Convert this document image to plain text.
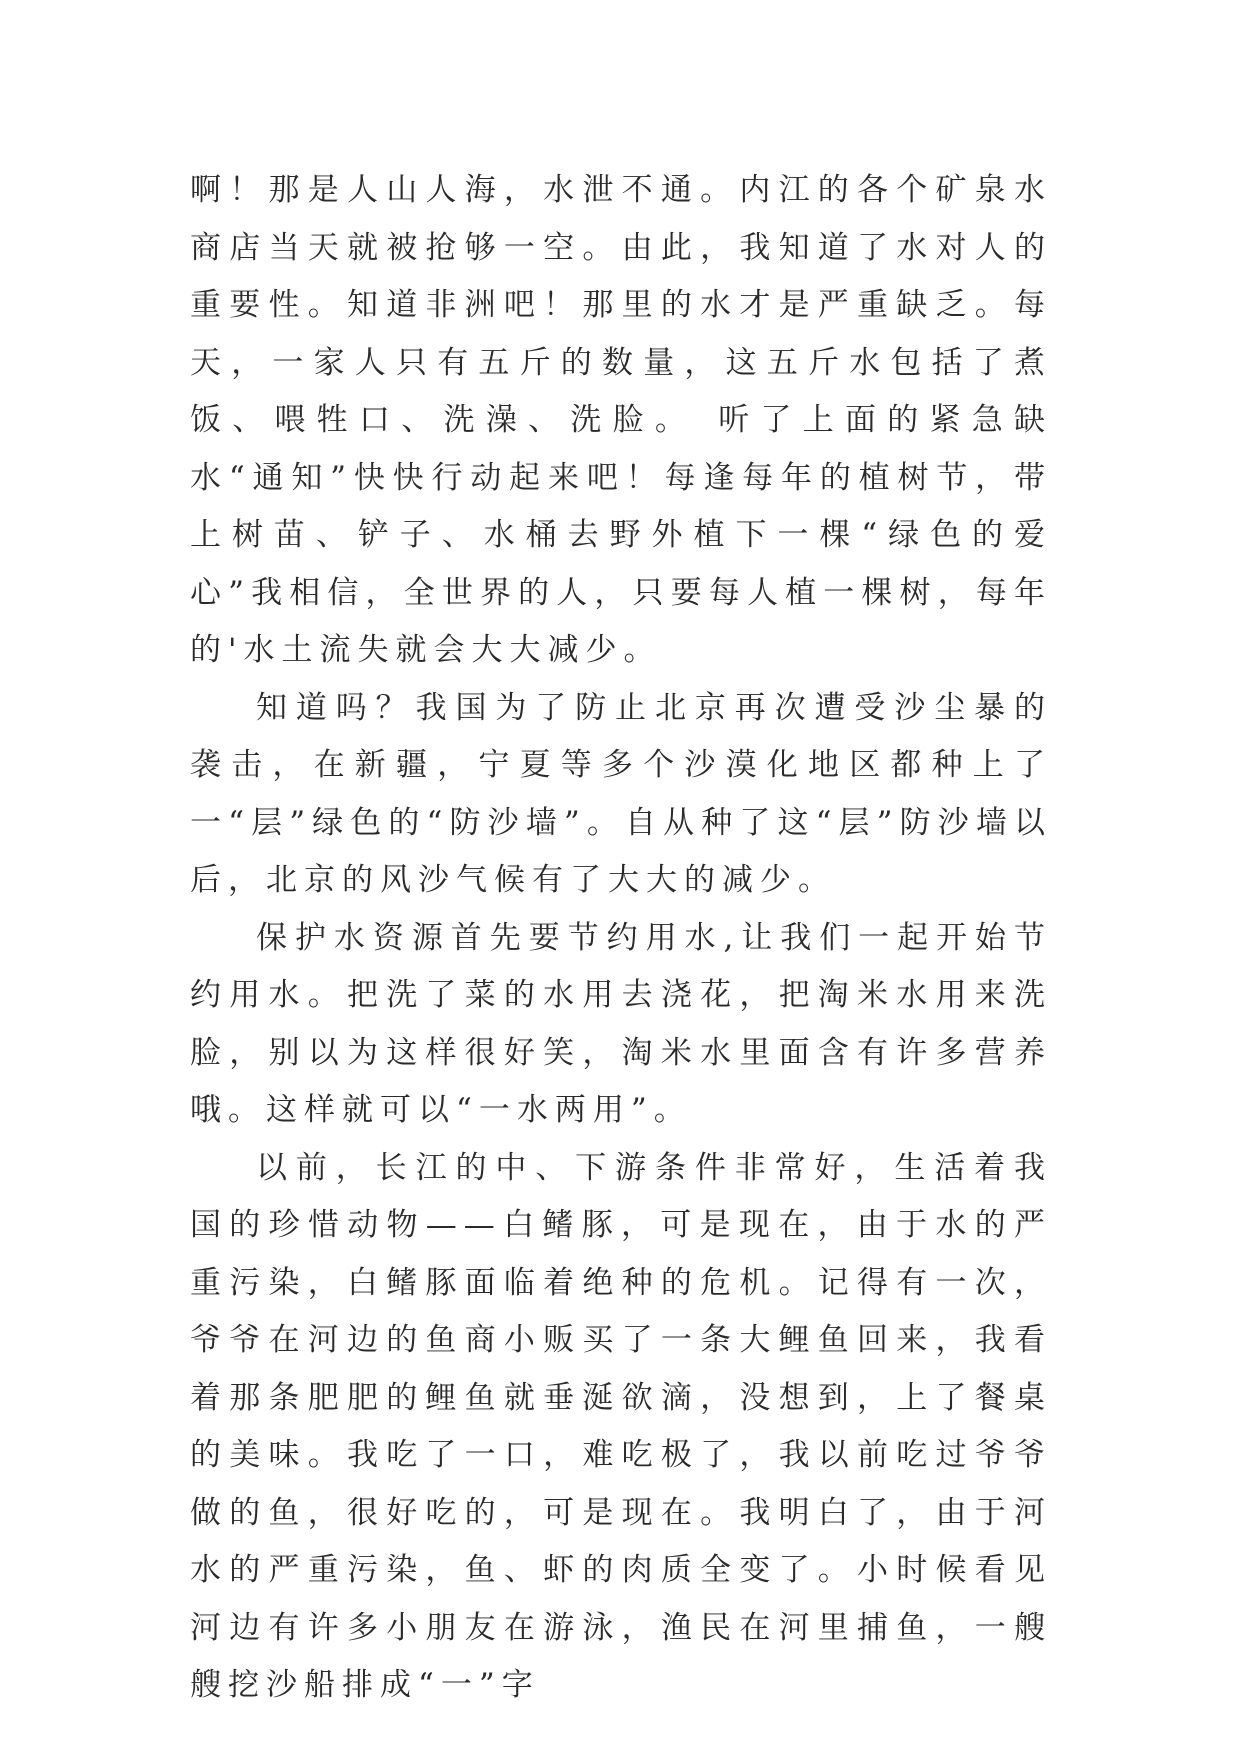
啊！那是人山人海，水泄不通。内江的各个矿泉水商店当天就被抢够一空。由此，我知道了水对人的重要性。知道非洲吧！那里的水才是严重缺乏。每天，一家人只有五斤的数量，这五斤水包括了煮饭、喂牲口、洗澡、洗脸。 听了上面的紧急缺水“通知”快快行动起来吧！每逢每年的植树节，带上树苗、铲子、水桶去野外植下一棵“绿色的爱心”我相信，全世界的人，只要每人植一棵树，每年的'水土流失就会大大减少。

知道吗？我国为了防止北京再次遭受沙尘暴的袭击，在新疆，宁夏等多个沙漠化地区都种上了一“层”绿色的“防沙墙”。自从种了这“层”防沙墙以后，北京的风沙气候有了大大的减少。

保护水资源首先要节约用水,让我们一起开始节约用水。把洗了菜的水用去浇花，把淘米水用来洗脸，别以为这样很好笑，淘米水里面含有许多营养哦。这样就可以“一水两用”。

以前，长江的中、下游条件非常好，生活着我国的珍惜动物——白鳍豚，可是现在，由于水的严重污染，白鳍豚面临着绝种的危机。记得有一次，爷爷在河边的鱼商小贩买了一条大鲤鱼回来，我看着那条肥肥的鲤鱼就垂涎欲滴，没想到，上了餐桌的美味。我吃了一口，难吃极了，我以前吃过爷爷做的鱼，很好吃的，可是现在。我明白了，由于河水的严重污染，鱼、虾的肉质全变了。小时候看见河边有许多小朋友在游泳，渔民在河里捕鱼，一艘艘挖沙船排成“一”字
